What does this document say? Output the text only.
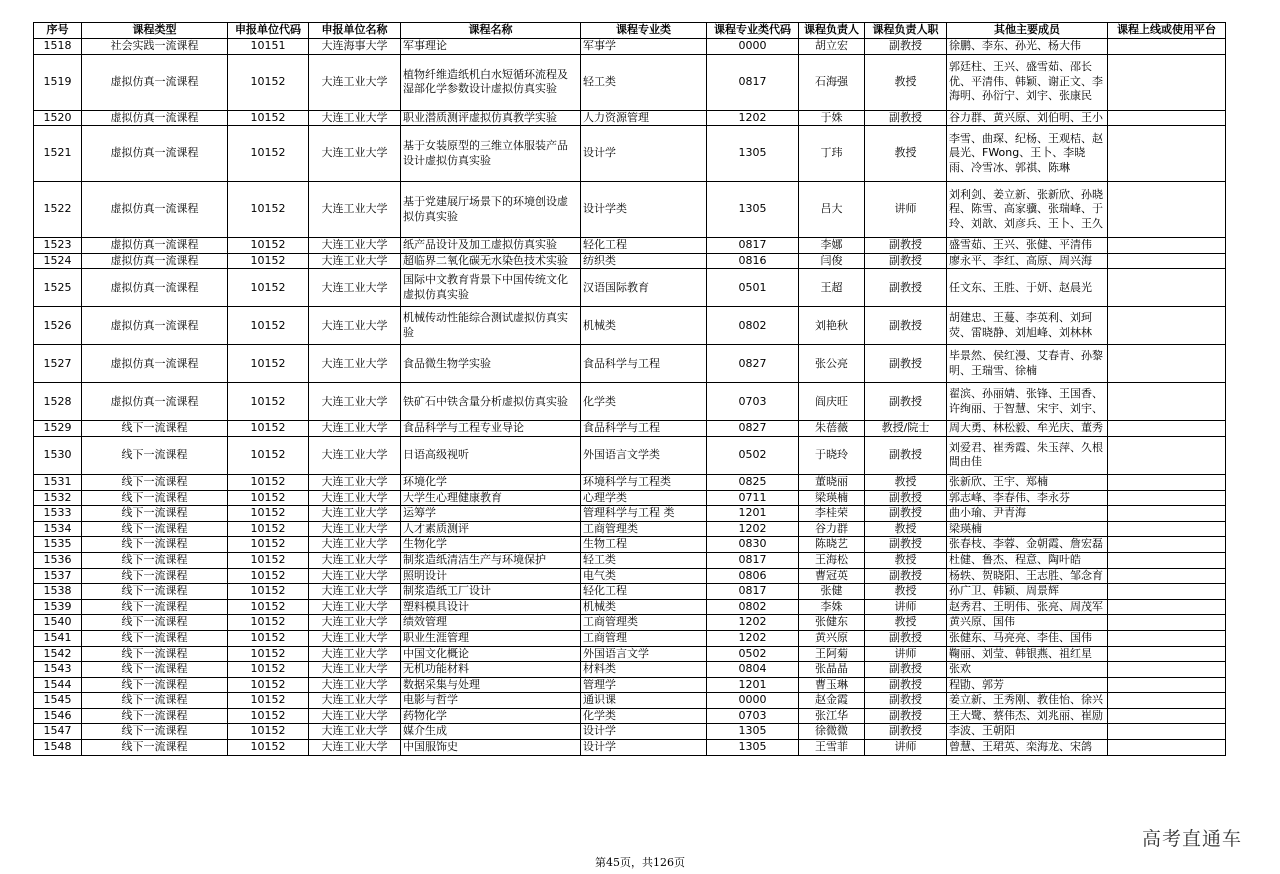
序号	课程类型	申报单位代码	申报单位名称	课程名称	课程专业类	课程专业类代码	课程负责人	课程负责人职	其他主要成员	课程上线或使用平台
1518	社会实践一流课程	10151	大连海事大学	军事理论	军事学	0000	胡立宏	副教授	徐鹏、李东、孙光、杨大伟	
1519	虚拟仿真一流课程	10152	大连工业大学	植物纤维造纸机白水短循环流程及湿部化学参数设计虚拟仿真实验	轻工类	0817	石海强	教授	郭廷柱、王兴、盛雪茹、邵长优、平清伟、韩颖、谢正文、李海明、孙衍宁、刘宇、张康民	
1520	虚拟仿真一流课程	10152	大连工业大学	职业潜质测评虚拟仿真教学实验	人力资源管理	1202	于姝	副教授	谷力群、黄兴原、刘伯明、王小	
1521	虚拟仿真一流课程	10152	大连工业大学	基于女装原型的三维立体服装产品设计虚拟仿真实验	设计学	1305	丁玮	教授	李雪、曲琛、纪杨、王观桔、赵晨光、FWong、王卜、李晓雨、冷雪冰、郭祺、陈琳	
1522	虚拟仿真一流课程	10152	大连工业大学	基于党建展厅场景下的环境创设虚拟仿真实验	设计学类	1305	吕大	讲师	刘利剑、姜立新、张新欣、孙晓程、陈雪、高家骥、张瑞峰、于玲、刘歆、刘彦兵、王卜、王久	
1523	虚拟仿真一流课程	10152	大连工业大学	纸产品设计及加工虚拟仿真实验	轻化工程	0817	李娜	副教授	盛雪茹、王兴、张健、平清伟	
1524	虚拟仿真一流课程	10152	大连工业大学	超临界二氧化碳无水染色技术实验	纺织类	0816	闫俊	副教授	廖永平、李红、高原、周兴海	
1525	虚拟仿真一流课程	10152	大连工业大学	国际中文教育背景下中国传统文化虚拟仿真实验	汉语国际教育	0501	王超	副教授	任文东、王胜、于妍、赵晨光	
1526	虚拟仿真一流课程	10152	大连工业大学	机械传动性能综合测试虚拟仿真实验	机械类	0802	刘艳秋	副教授	胡建忠、王蔓、李英利、刘珂荧、雷晓静、刘旭峰、刘林林	
1527	虚拟仿真一流课程	10152	大连工业大学	食品微生物学实验	食品科学与工程	0827	张公亮	副教授	毕景然、侯红漫、艾春青、孙黎明、王瑞雪、徐楠	
1528	虚拟仿真一流课程	10152	大连工业大学	铁矿石中铁含量分析虚拟仿真实验	化学类	0703	阎庆旺	副教授	翟滨、孙丽婧、张锋、王国香、许绚丽、于智慧、宋宇、刘宇、	
1529	线下一流课程	10152	大连工业大学	食品科学与工程专业导论	食品科学与工程	0827	朱蓓薇	教授/院士	周大勇、林松毅、牟光庆、董秀	
1530	线下一流课程	10152	大连工业大学	日语高级视听	外国语言文学类	0502	于晓玲	副教授	刘爱君、崔秀霞、朱玉萍、久根間由佳	
1531	线下一流课程	10152	大连工业大学	环境化学	环境科学与工程类	0825	董晓丽	教授	张新欣、王宇、郑楠	
1532	线下一流课程	10152	大连工业大学	大学生心理健康教育	心理学类	0711	梁瑛楠	副教授	郭志峰、李春伟、李永芬	
1533	线下一流课程	10152	大连工业大学	运筹学	管理科学与工程 类	1201	李桂荣	副教授	曲小瑜、尹青海	
1534	线下一流课程	10152	大连工业大学	人才素质测评	工商管理类	1202	谷力群	教授	梁瑛楠	
1535	线下一流课程	10152	大连工业大学	生物化学	生物工程	0830	陈晓艺	副教授	张春枝、李蓉、金朝霞、詹宏磊	
1536	线下一流课程	10152	大连工业大学	制浆造纸清洁生产与环境保护	轻工类	0817	王海松	教授	杜健、鲁杰、程意、陶叶皓	
1537	线下一流课程	10152	大连工业大学	照明设计	电气类	0806	曹冠英	副教授	杨轶、贺晓阳、王志胜、邹念育	
1538	线下一流课程	10152	大连工业大学	制浆造纸工厂设计	轻化工程	0817	张健	教授	孙广卫、韩颖、周景辉	
1539	线下一流课程	10152	大连工业大学	塑料模具设计	机械类	0802	李姝	讲师	赵秀君、王明伟、张亮、周茂军	
1540	线下一流课程	10152	大连工业大学	绩效管理	工商管理类	1202	张健东	教授	黄兴原、国伟	
1541	线下一流课程	10152	大连工业大学	职业生涯管理	工商管理	1202	黄兴原	副教授	张健东、马亮亮、李佳、国伟	
1542	线下一流课程	10152	大连工业大学	中国文化概论	外国语言文学	0502	王阿菊	讲师	鞠丽、刘莹、韩银燕、祖红星	
1543	线下一流课程	10152	大连工业大学	无机功能材料	材料类	0804	张晶晶	副教授	张欢	
1544	线下一流课程	10152	大连工业大学	数据采集与处理	管理学	1201	曹玉琳	副教授	程勖、郭芳	
1545	线下一流课程	10152	大连工业大学	电影与哲学	通识课	0000	赵金霞	副教授	姜立新、王秀刚、教佳怡、徐兴	
1546	线下一流课程	10152	大连工业大学	药物化学	化学类	0703	张江华	副教授	王大鹭、蔡伟杰、刘兆丽、崔励	
1547	线下一流课程	10152	大连工业大学	媒介生成	设计学	1305	徐微微	副教授	李波、王朝阳	
1548	线下一流课程	10152	大连工业大学	中国服饰史	设计学	1305	王雪菲	讲师	曾慧、王珺英、栾海龙、宋鸽	
第45页，共126页
高考直通车
